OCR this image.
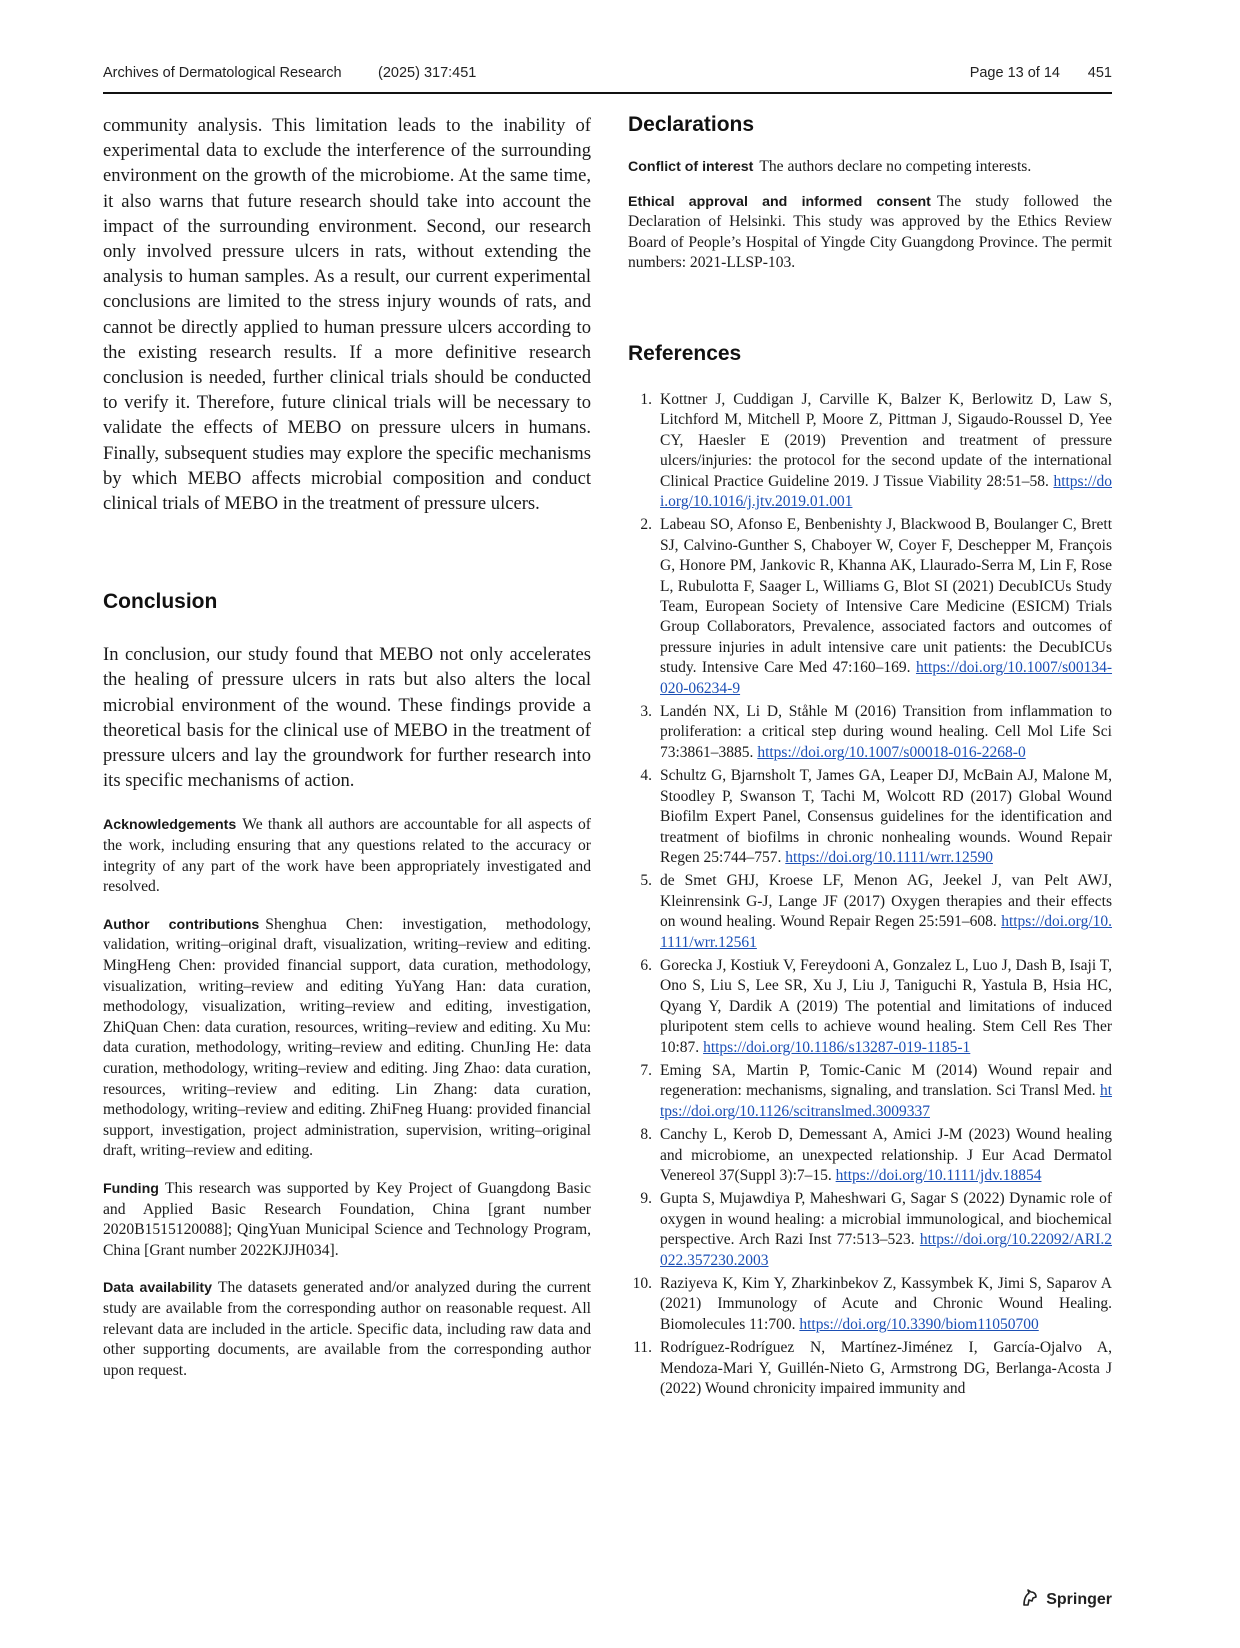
Archives of Dermatological Research	(2025) 317:451	Page 13 of 14 451

community analysis. This limitation leads to the inability of experimental data to exclude the interference of the surrounding environment on the growth of the microbiome. At the same time, it also warns that future research should take into account the impact of the surrounding environment. Second, our research only involved pressure ulcers in rats, without extending the analysis to human samples. As a result, our current experimental conclusions are limited to the stress injury wounds of rats, and cannot be directly applied to human pressure ulcers according to the existing research results. If a more definitive research conclusion is needed, further clinical trials should be conducted to verify it. Therefore, future clinical trials will be necessary to validate the effects of MEBO on pressure ulcers in humans. Finally, subsequent studies may explore the specific mechanisms by which MEBO affects microbial composition and conduct clinical trials of MEBO in the treatment of pressure ulcers.

Conclusion

In conclusion, our study found that MEBO not only accelerates the healing of pressure ulcers in rats but also alters the local microbial environment of the wound. These findings provide a theoretical basis for the clinical use of MEBO in the treatment of pressure ulcers and lay the groundwork for further research into its specific mechanisms of action.

Acknowledgements We thank all authors are accountable for all aspects of the work, including ensuring that any questions related to the accuracy or integrity of any part of the work have been appropriately investigated and resolved.

Author contributions Shenghua Chen: investigation, methodology, validation, writing–original draft, visualization, writing–review and editing. MingHeng Chen: provided financial support, data curation, methodology, visualization, writing–review and editing YuYang Han: data curation, methodology, visualization, writing–review and editing, investigation, ZhiQuan Chen: data curation, resources, writing–review and editing. Xu Mu: data curation, methodology, writing–review and editing. ChunJing He: data curation, methodology, writing–review and editing. Jing Zhao: data curation, resources, writing–review and editing. Lin Zhang: data curation, methodology, writing–review and editing. ZhiFneg Huang: provided financial support, investigation, project administration, supervision, writing–original draft, writing–review and editing.

Funding This research was supported by Key Project of Guangdong Basic and Applied Basic Research Foundation, China [grant number 2020B1515120088]; QingYuan Municipal Science and Technology Program, China [Grant number 2022KJJH034].

Data availability The datasets generated and/or analyzed during the current study are available from the corresponding author on reasonable request. All relevant data are included in the article. Specific data, including raw data and other supporting documents, are available from the corresponding author upon request.

Declarations

Conflict of interest The authors declare no competing interests.

Ethical approval and informed consent The study followed the Declaration of Helsinki. This study was approved by the Ethics Review Board of People’s Hospital of Yingde City Guangdong Province. The permit numbers: 2021-LLSP-103.

References
1. Kottner J, Cuddigan J, Carville K, Balzer K, Berlowitz D, Law S, Litchford M, Mitchell P, Moore Z, Pittman J, Sigaudo-Roussel D, Yee CY, Haesler E (2019) Prevention and treatment of pressure ulcers/injuries: the protocol for the second update of the international Clinical Practice Guideline 2019. J Tissue Viability 28:51–58. https://doi.org/10.1016/j.jtv.2019.01.001
2. Labeau SO, Afonso E, Benbenishty J, Blackwood B, Boulanger C, Brett SJ, Calvino-Gunther S, Chaboyer W, Coyer F, Deschepper M, François G, Honore PM, Jankovic R, Khanna AK, Llaurado-Serra M, Lin F, Rose L, Rubulotta F, Saager L, Williams G, Blot SI (2021) DecubICUs Study Team, European Society of Intensive Care Medicine (ESICM) Trials Group Collaborators, Prevalence, associated factors and outcomes of pressure injuries in adult intensive care unit patients: the DecubICUs study. Intensive Care Med 47:160–169. https://doi.org/10.1007/s00134-020-06234-9
3. Landén NX, Li D, Ståhle M (2016) Transition from inflammation to proliferation: a critical step during wound healing. Cell Mol Life Sci 73:3861–3885. https://doi.org/10.1007/s00018-016-2268-0
4. Schultz G, Bjarnsholt T, James GA, Leaper DJ, McBain AJ, Malone M, Stoodley P, Swanson T, Tachi M, Wolcott RD (2017) Global Wound Biofilm Expert Panel, Consensus guidelines for the identification and treatment of biofilms in chronic nonhealing wounds. Wound Repair Regen 25:744–757. https://doi.org/10.1111/wrr.12590
5. de Smet GHJ, Kroese LF, Menon AG, Jeekel J, van Pelt AWJ, Kleinrensink G-J, Lange JF (2017) Oxygen therapies and their effects on wound healing. Wound Repair Regen 25:591–608. https://doi.org/10.1111/wrr.12561
6. Gorecka J, Kostiuk V, Fereydooni A, Gonzalez L, Luo J, Dash B, Isaji T, Ono S, Liu S, Lee SR, Xu J, Liu J, Taniguchi R, Yastula B, Hsia HC, Qyang Y, Dardik A (2019) The potential and limitations of induced pluripotent stem cells to achieve wound healing. Stem Cell Res Ther 10:87. https://doi.org/10.1186/s13287-019-1185-1
7. Eming SA, Martin P, Tomic-Canic M (2014) Wound repair and regeneration: mechanisms, signaling, and translation. Sci Transl Med. https://doi.org/10.1126/scitranslmed.3009337
8. Canchy L, Kerob D, Demessant A, Amici J-M (2023) Wound healing and microbiome, an unexpected relationship. J Eur Acad Dermatol Venereol 37(Suppl 3):7–15. https://doi.org/10.1111/jdv.18854
9. Gupta S, Mujawdiya P, Maheshwari G, Sagar S (2022) Dynamic role of oxygen in wound healing: a microbial immunological, and biochemical perspective. Arch Razi Inst 77:513–523. https://doi.org/10.22092/ARI.2022.357230.2003
10. Raziyeva K, Kim Y, Zharkinbekov Z, Kassymbek K, Jimi S, Saparov A (2021) Immunology of Acute and Chronic Wound Healing. Biomolecules 11:700. https://doi.org/10.3390/biom11050700
11. Rodríguez-Rodríguez N, Martínez-Jiménez I, García-Ojalvo A, Mendoza-Mari Y, Guillén-Nieto G, Armstrong DG, Berlanga-Acosta J (2022) Wound chronicity impaired immunity and
Springer
